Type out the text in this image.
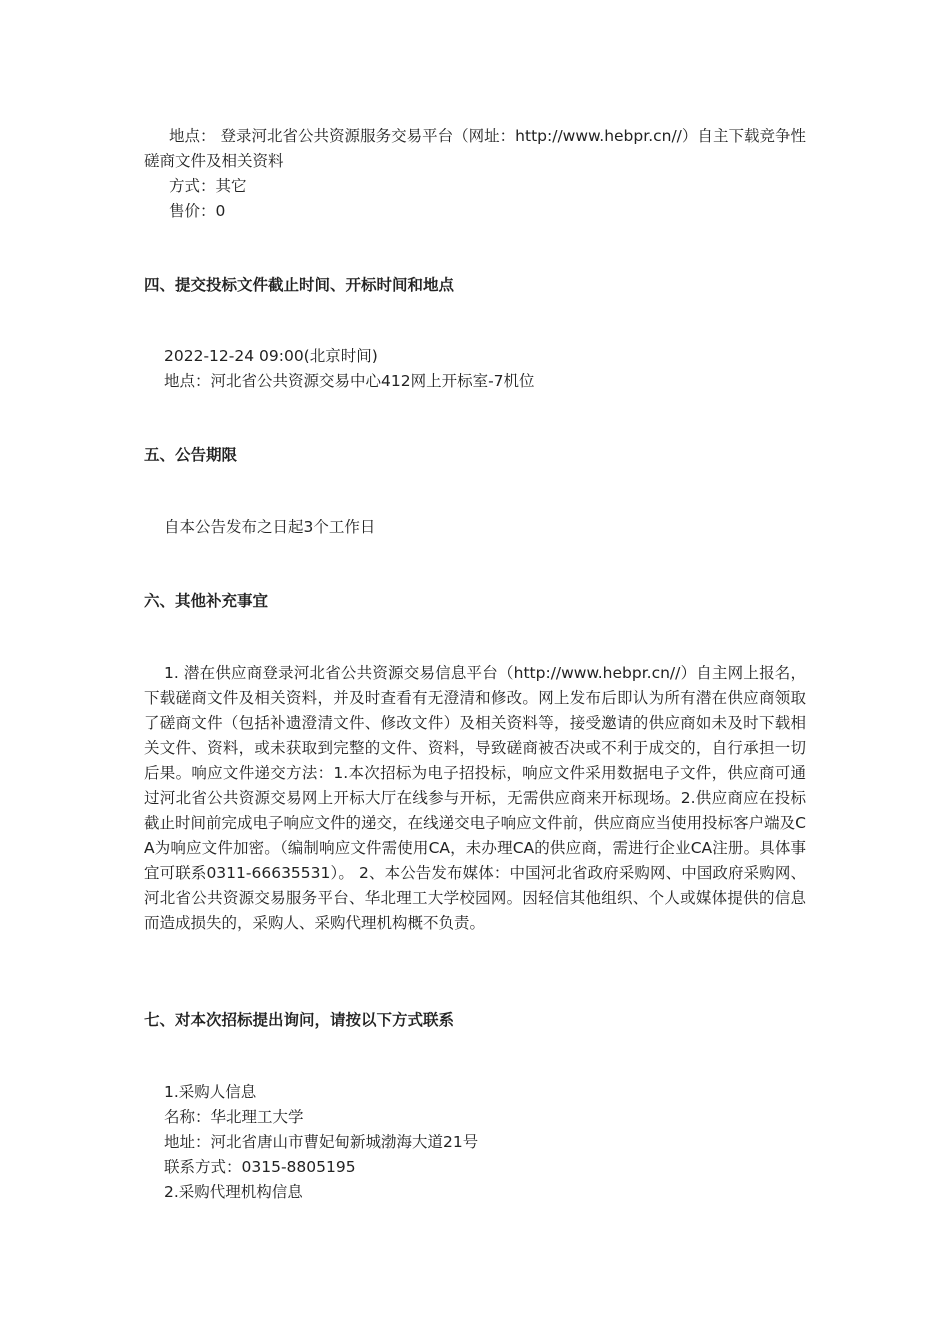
地点： 登录河北省公共资源服务交易平台（网址：http://www.hebpr.cn//）自主下载竞争性磋商文件及相关资料

方式：其它

售价：0

四、提交投标文件截止时间、开标时间和地点

2022-12-24 09:00(北京时间)

地点：河北省公共资源交易中心412网上开标室-7机位

五、公告期限

自本公告发布之日起3个工作日

六、其他补充事宜

1. 潜在供应商登录河北省公共资源交易信息平台（http://www.hebpr.cn//）自主网上报名，下载磋商文件及相关资料，并及时查看有无澄清和修改。网上发布后即认为所有潜在供应商领取了磋商文件（包括补遗澄清文件、修改文件）及相关资料等，接受邀请的供应商如未及时下载相关文件、资料，或未获取到完整的文件、资料，导致磋商被否决或不利于成交的，自行承担一切后果。响应文件递交方法：1.本次招标为电子招投标，响应文件采用数据电子文件，供应商可通过河北省公共资源交易网上开标大厅在线参与开标，无需供应商来开标现场。2.供应商应在投标截止时间前完成电子响应文件的递交，在线递交电子响应文件前，供应商应当使用投标客户端及CA为响应文件加密。（编制响应文件需使用CA，未办理CA的供应商，需进行企业CA注册。具体事宜可联系0311-66635531）。 2、本公告发布媒体：中国河北省政府采购网、中国政府采购网、河北省公共资源交易服务平台、华北理工大学校园网。因轻信其他组织、个人或媒体提供的信息而造成损失的，采购人、采购代理机构概不负责。

七、对本次招标提出询问，请按以下方式联系

1.采购人信息

名称：华北理工大学

地址：河北省唐山市曹妃甸新城渤海大道21号

联系方式：0315-8805195

2.采购代理机构信息
